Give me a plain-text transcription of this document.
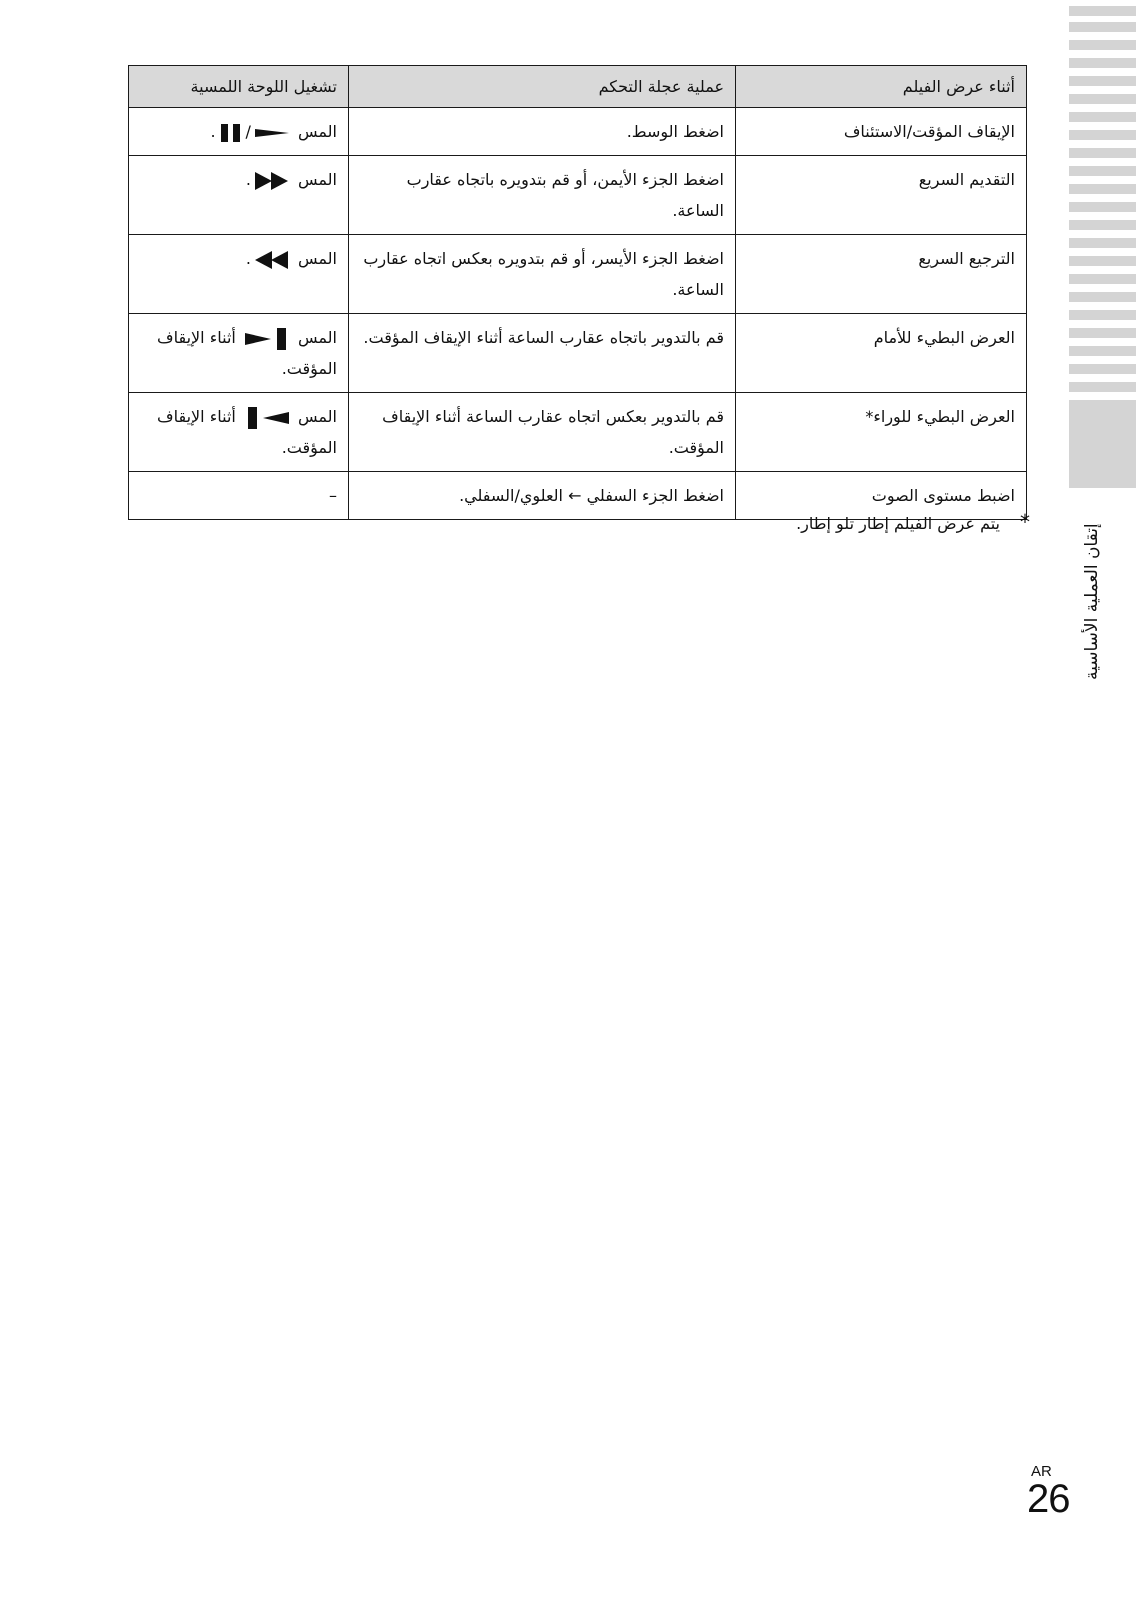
إتقان العملية الأساسية
أثناء عرض الفيلم	عملية عجلة التحكم	تشغيل اللوحة اللمسية
الإيقاف المؤقت/الاستئناف	اضغط الوسط.	المس
/
.
التقديم السريع	اضغط الجزء الأيمن، أو قم بتدويره باتجاه عقارب الساعة.	المس
.
الترجيع السريع	اضغط الجزء الأيسر، أو قم بتدويره بعكس اتجاه عقارب الساعة.	المس
.
العرض البطيء للأمام	قم بالتدوير باتجاه عقارب الساعة أثناء الإيقاف المؤقت.	المس
أثناء الإيقاف المؤقت.
العرض البطيء للوراء*	قم بالتدوير بعكس اتجاه عقارب الساعة أثناء الإيقاف المؤقت.	المس
أثناء الإيقاف المؤقت.
اضبط مستوى الصوت	اضغط الجزء السفلي ← العلوي/السفلي.	–
*يتم عرض الفيلم إطار تلو إطار.
AR
26
